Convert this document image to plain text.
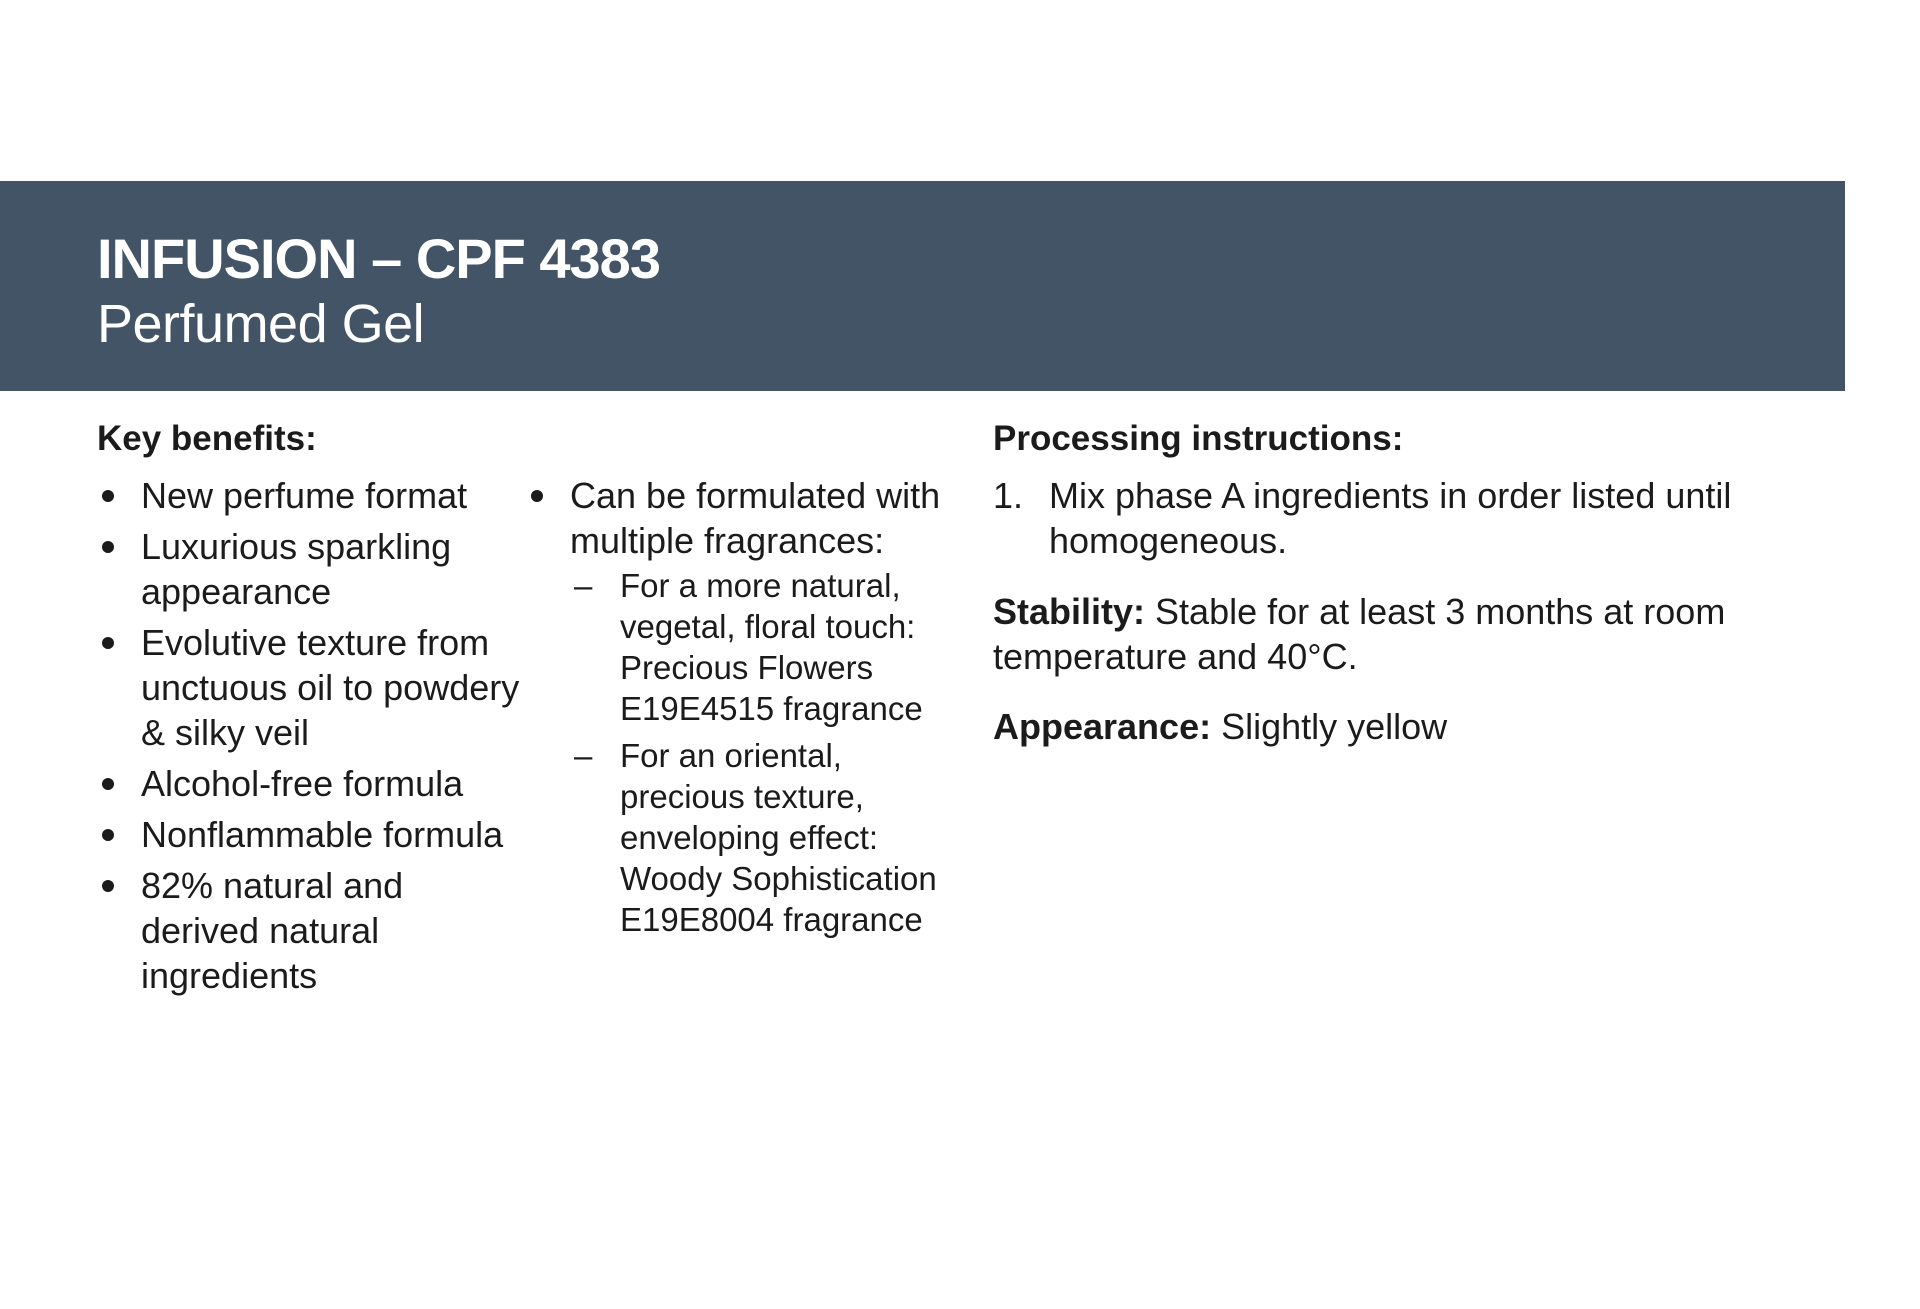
INFUSION – CPF 4383
Perfumed Gel
Key benefits:
New perfume format
Luxurious sparkling appearance
Evolutive texture from unctuous oil to powdery & silky veil
Alcohol-free formula
Nonflammable formula
82% natural and derived natural ingredients
Can be formulated with multiple fragrances:
– For a more natural, vegetal, floral touch: Precious Flowers E19E4515 fragrance
– For an oriental, precious texture, enveloping effect: Woody Sophistication E19E8004 fragrance
Processing instructions:
1. Mix phase A ingredients in order listed until homogeneous.
Stability: Stable for at least 3 months at room temperature and 40°C.
Appearance: Slightly yellow
